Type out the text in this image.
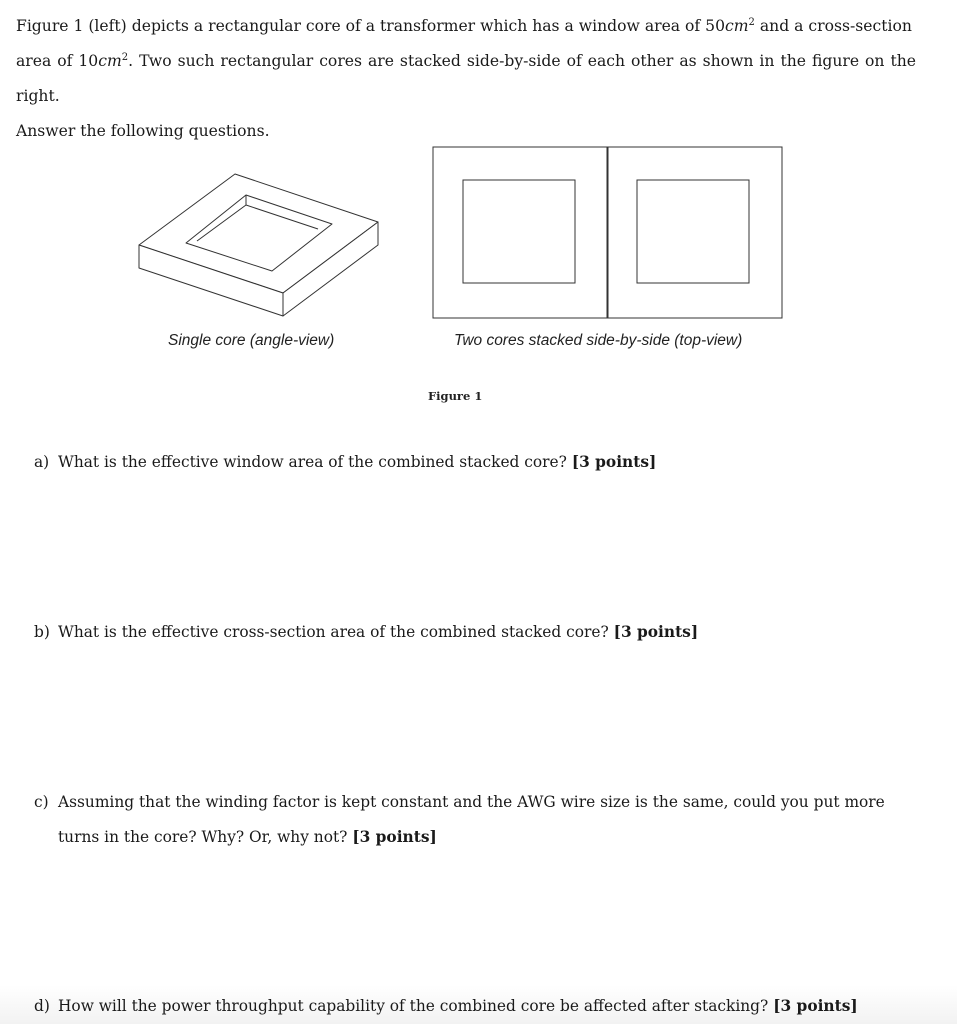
Figure 1 (left) depicts a rectangular core of a transformer which has a window area of $50cm^2$ and a cross-section
area of $10cm^2$. Two such rectangular cores are stacked side-by-side of each other as shown in the figure on the right.
Answer the following questions.

Single core (angle-view)	Two cores stacked side-by-side (top-view)
Figure 1

a) What is the effective window area of the combined stacked core? [3 points]

b) What is the effective cross-section area of the combined stacked core? [3 points]

c) Assuming that the winding factor is kept constant and the AWG wire size is the same, could you put more
turns in the core? Why? Or, why not? [3 points]

d) How will the power throughput capability of the combined core be affected after stacking? [3 points]
